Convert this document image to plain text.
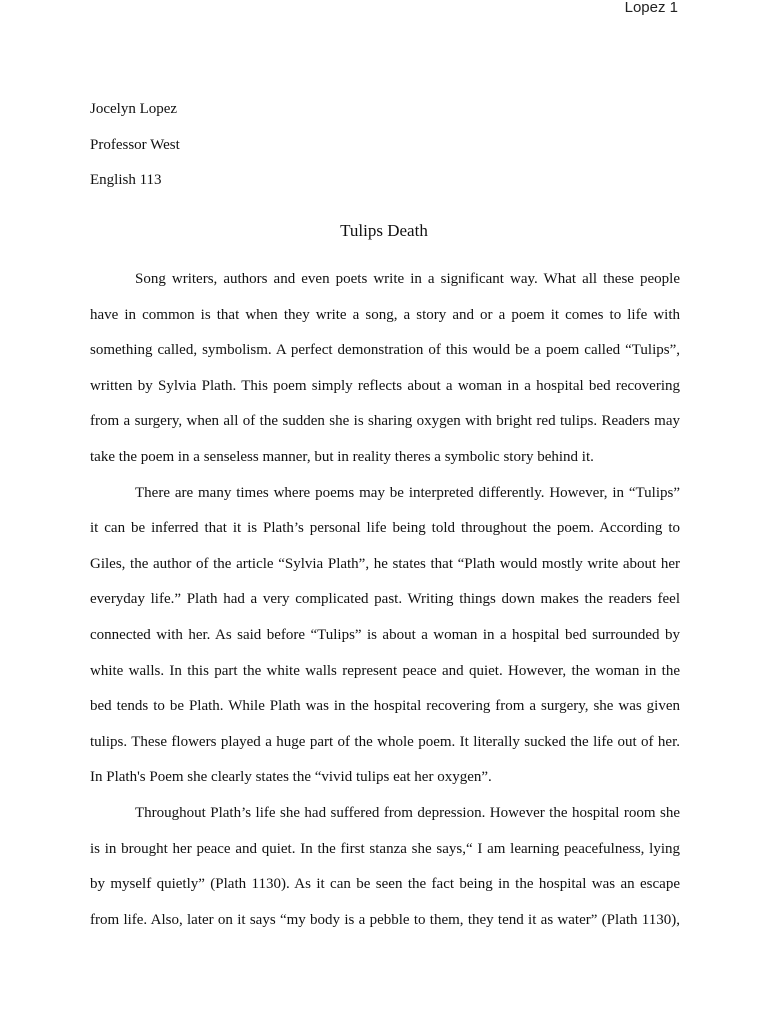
Lopez 1

Jocelyn Lopez

Professor West

English 113

Tulips Death
Song writers, authors and even poets write in a significant way. What all these people
have in common is that when they write a song, a story and or a poem it comes to life with
something called, symbolism. A perfect demonstration of this would be a poem called “Tulips”,
written by Sylvia Plath. This poem simply reflects about a woman in a hospital bed recovering
from a surgery, when all of the sudden she is sharing oxygen with bright red tulips. Readers may
take the poem in a senseless manner, but in reality theres a symbolic story behind it.
There are many times where poems may be interpreted differently. However, in “Tulips”
it can be inferred that it is Plath’s personal life being told throughout the poem. According to
Giles, the author of the article “Sylvia Plath”, he states that “Plath would mostly write about her
everyday life.” Plath had a very complicated past. Writing things down makes the readers feel
connected with her. As said before “Tulips” is about a woman in a hospital bed surrounded by
white walls. In this part the white walls represent peace and quiet. However, the woman in the
bed tends to be Plath. While Plath was in the hospital recovering from a surgery, she was given
tulips. These flowers played a huge part of the whole poem. It literally sucked the life out of her.
In Plath's Poem she clearly states the “vivid tulips eat her oxygen”.
Throughout Plath’s life she had suffered from depression. However the hospital room she
is in brought her peace and quiet. In the first stanza she says,“ I am learning peacefulness, lying
by myself quietly” (Plath 1130). As it can be seen the fact being in the hospital was an escape
from life. Also, later on it says “my body is a pebble to them, they tend it as water” (Plath 1130),
